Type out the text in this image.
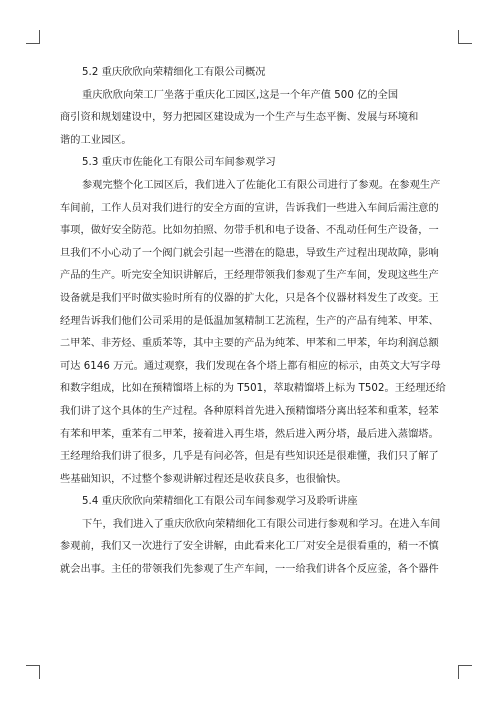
5.2 重庆欣欣向荣精细化工有限公司概况
重庆欣欣向荣工厂坐落于重庆化工园区,这是一个年产值 500 亿的全国
商引资和规划建设中，努力把园区建设成为一个生产与生态平衡、发展与环境和
谐的工业园区。
5.3 重庆市佐能化工有限公司车间参观学习
参观完整个化工园区后，我们进入了佐能化工有限公司进行了参观。在参观生产
车间前，工作人员对我们进行的安全方面的宣讲，告诉我们一些进入车间后需注意的
事项，做好安全防范。比如勿拍照、勿带手机和电子设备、不乱动任何生产设备，一
旦我们不小心动了一个阀门就会引起一些潜在的隐患，导致生产过程出现故障，影响
产品的生产。听完安全知识讲解后，王经理带领我们参观了生产车间，发现这些生产
设备就是我们平时做实验时所有的仪器的扩大化，只是各个仪器材料发生了改变。王
经理告诉我们他们公司采用的是低温加氢精制工艺流程，生产的产品有纯苯、甲苯、
二甲苯、非芳烃、重质苯等，其中主要的产品为纯苯、甲苯和二甲苯，年均利润总额
可达 6146 万元。通过观察，我们发现在各个塔上都有相应的标示，由英文大写字母
和数字组成，比如在预精馏塔上标的为 T501，萃取精馏塔上标为 T502。王经理还给
我们讲了这个具体的生产过程。各种原料首先进入预精馏塔分离出轻苯和重苯，轻苯
有苯和甲苯，重苯有二甲苯，接着进入再生塔，然后进入两分塔，最后进入蒸馏塔。
王经理给我们讲了很多，几乎是有问必答，但是有些知识还是很难懂，我们只了解了
些基础知识，不过整个参观讲解过程还是收获良多，也很愉快。
5.4 重庆欣欣向荣精细化工有限公司车间参观学习及聆听讲座
下午，我们进入了重庆欣欣向荣精细化工有限公司进行参观和学习。在进入车间
参观前，我们又一次进行了安全讲解，由此看来化工厂对安全是很看重的，稍一不慎
就会出事。主任的带领我们先参观了生产车间，一一给我们讲各个反应釜，各个器件
